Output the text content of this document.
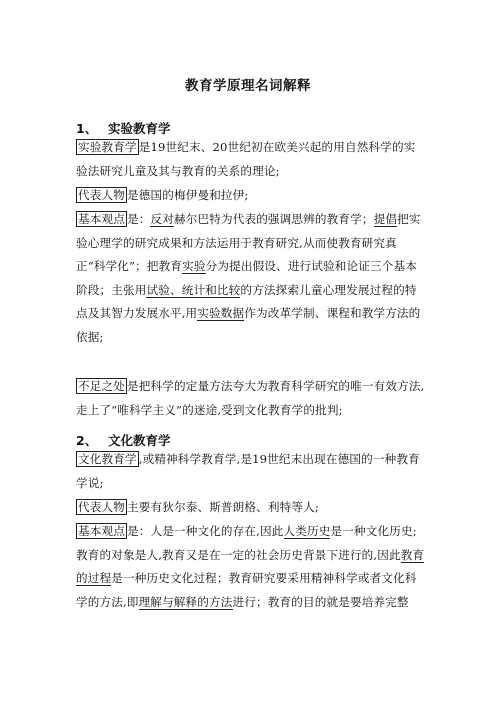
教育学原理名词解释
1、 实验教育学
实验教育学 是19世纪末、20世纪初在欧美兴起的用自然科学的实验法研究儿童及其与教育的关系的理论;
代表人物 是德国的梅伊曼和拉伊;
基本观点 是：反对赫尔巴特为代表的强调思辨的教育学；提倡把实验心理学的研究成果和方法运用于教育研究,从而使教育研究真正“科学化”；把教育实验分为提出假设、进行试验和论证三个基本阶段；主张用试验、统计和比较的方法探索儿童心理发展过程的特点及其智力发展水平,用实验数据作为改革学制、课程和教学方法的依据;
不足之处 是把科学的定量方法夸大为教育科学研究的唯一有效方法,走上了“唯科学主义”的迷途,受到文化教育学的批判;
2、 文化教育学
文化教育学 ,或精神科学教育学,是19世纪末出现在德国的一种教育学说;
代表人物 主要有狄尔泰、斯普朗格、利特等人;
基本观点 是：人是一种文化的存在,因此人类历史是一种文化历史;教育的对象是人,教育又是在一定的社会历史背景下进行的,因此教育的过程是一种历史文化过程；教育研究要采用精神科学或者文化科学的方法,即理解与解释的方法进行；教育的目的就是要培养完整
